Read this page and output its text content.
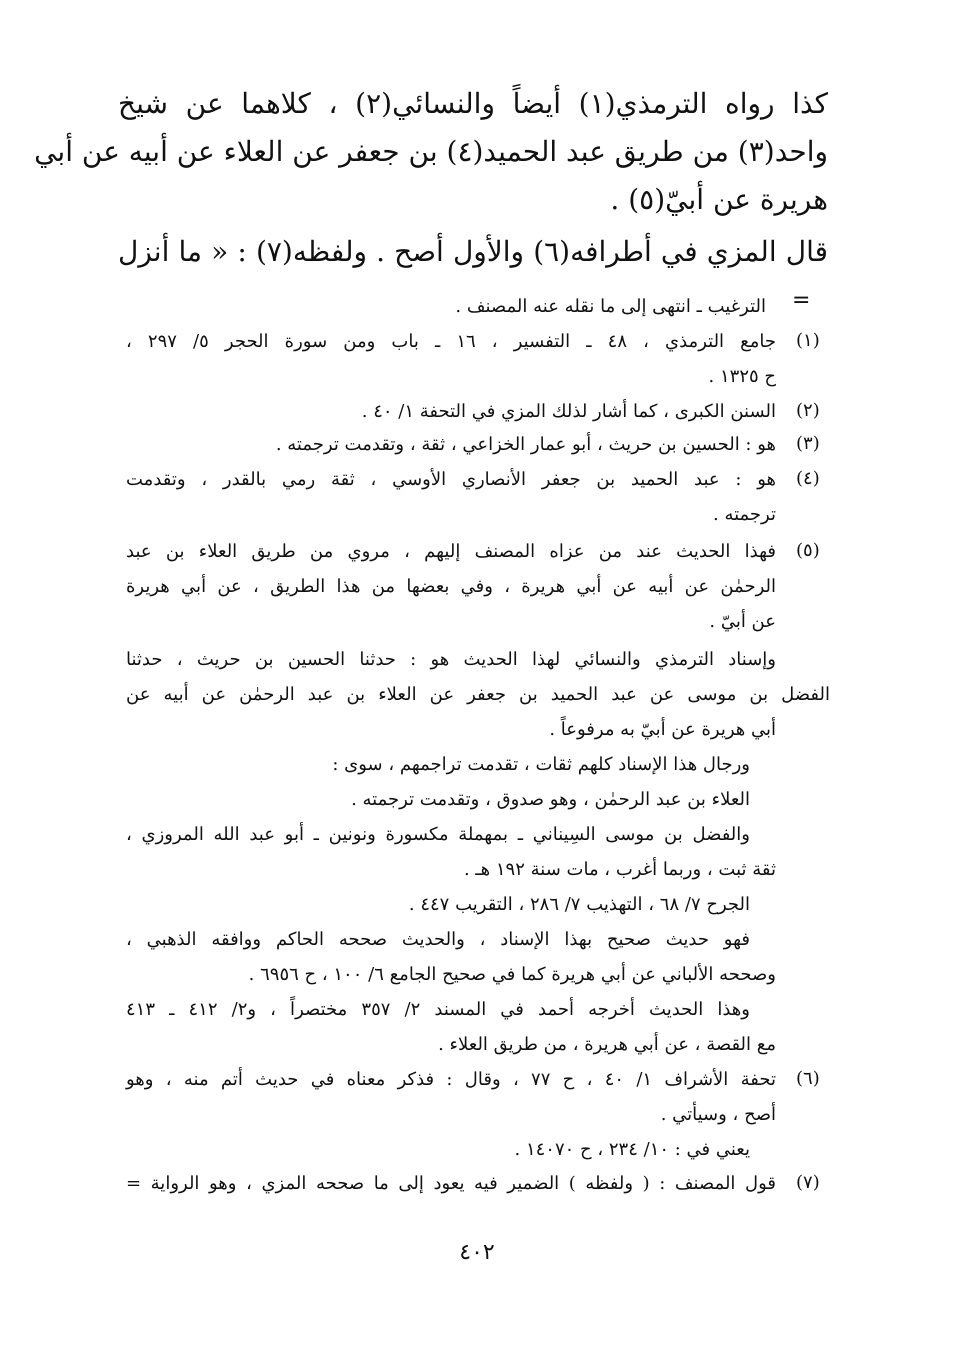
كذا رواه الترمذي(١) أيضاً والنسائي(٢) ، كلاهما عن شيخ
واحد(٣) من طريق عبد الحميد(٤) بن جعفر عن العلاء عن أبيه عن أبي
هريرة عن أبيّ(٥) .
قال المزي في أطرافه(٦) والأول أصح . ولفظه(٧) : « ما أنزل
=
الترغيب ـ انتهى إلى ما نقله عنه المصنف .
(١)
جامع الترمذي ، ٤٨ ـ التفسير ، ١٦ ـ باب ومن سورة الحجر ٥/ ٢٩٧ ،
ح ١٣٢٥ .
(٢)
السنن الكبرى ، كما أشار لذلك المزي في التحفة ١/ ٤٠ .
(٣)
هو : الحسين بن حريث ، أبو عمار الخزاعي ، ثقة ، وتقدمت ترجمته .
(٤)
هو : عبد الحميد بن جعفر الأنصاري الأوسي ، ثقة رمي بالقدر ، وتقدمت
ترجمته .
(٥)
فهذا الحديث عند من عزاه المصنف إليهم ، مروي من طريق العلاء بن عبد
الرحمٰن عن أبيه عن أبي هريرة ، وفي بعضها من هذا الطريق ، عن أبي هريرة
عن أبيّ .
وإسناد الترمذي والنسائي لهذا الحديث هو : حدثنا الحسين بن حريث ، حدثنا
الفضل بن موسى عن عبد الحميد بن جعفر عن العلاء بن عبد الرحمٰن عن أبيه عن
أبي هريرة عن أبيّ به مرفوعاً .
ورجال هذا الإسناد كلهم ثقات ، تقدمت تراجمهم ، سوى :
العلاء بن عبد الرحمٰن ، وهو صدوق ، وتقدمت ترجمته .
والفضل بن موسى السِيناني ـ بمهملة مكسورة ونونين ـ أبو عبد الله المروزي ،
ثقة ثبت ، وربما أغرب ، مات سنة ١٩٢ هـ .
الجرح ٧/ ٦٨ ، التهذيب ٧/ ٢٨٦ ، التقريب ٤٤٧ .
فهو حديث صحيح بهذا الإسناد ، والحديث صححه الحاكم ووافقه الذهبي ،
وصححه الألباني عن أبي هريرة كما في صحيح الجامع ٦/ ١٠٠ ، ح ٦٩٥٦ .
وهذا الحديث أخرجه أحمد في المسند ٢/ ٣٥٧ مختصراً ، و٢/ ٤١٢ ـ ٤١٣
مع القصة ، عن أبي هريرة ، من طريق العلاء .
(٦)
تحفة الأشراف ١/ ٤٠ ، ح ٧٧ ، وقال : فذكر معناه في حديث أتم منه ، وهو
أصح ، وسيأتي .
يعني في : ١٠/ ٢٣٤ ، ح ١٤٠٧٠ .
(٧)
قول المصنف : ( ولفظه ) الضمير فيه يعود إلى ما صححه المزي ، وهو الرواية =
٤٠٢
